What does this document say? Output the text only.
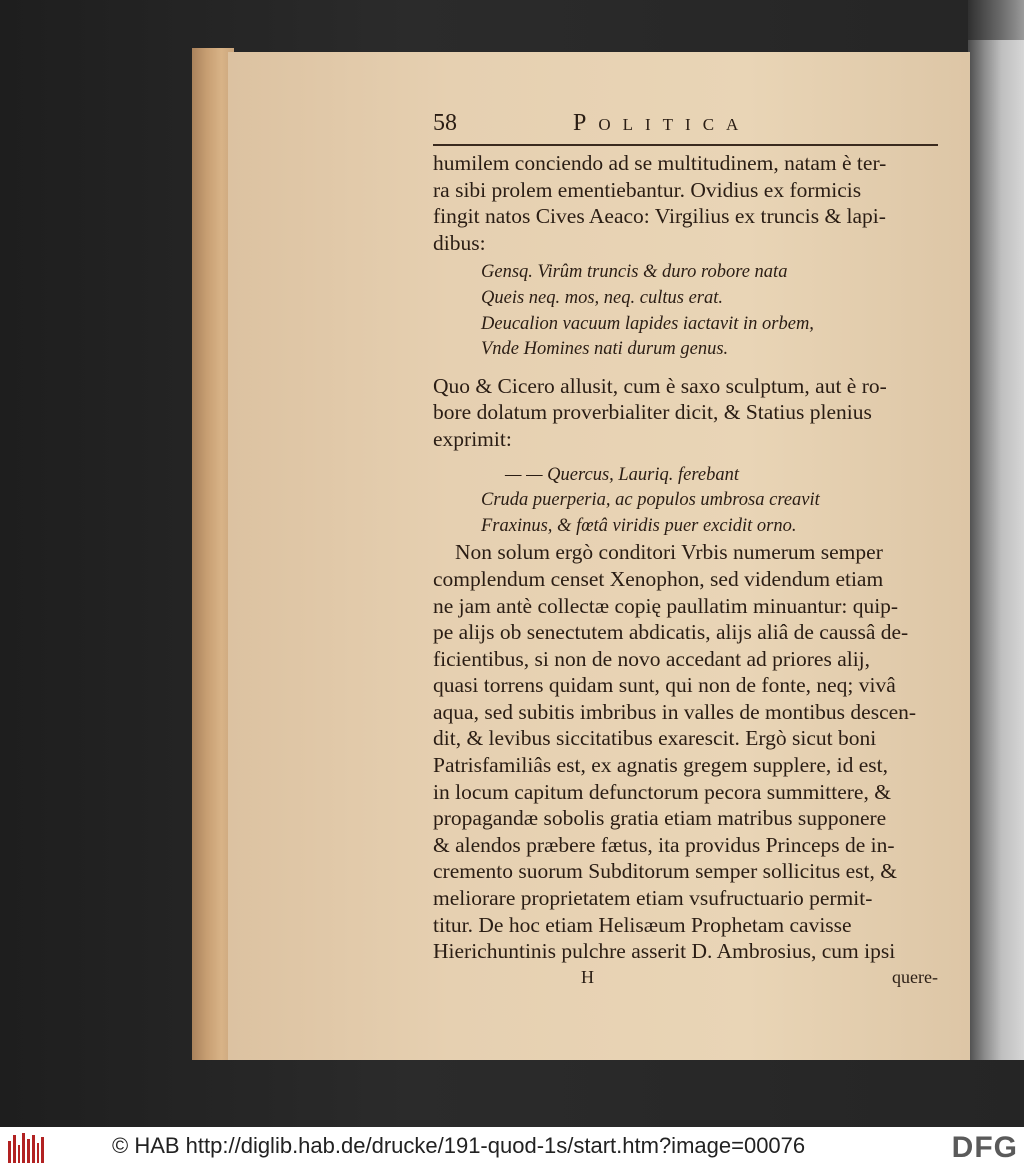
58	Politica
humilem conciendo ad se multitudinem, natam è ter-
ra sibi prolem ementiebantur. Ovidius ex formicis
fingit natos Cives Aeaco: Virgilius ex truncis & lapi-
dibus:
Gensq. Virûm truncis & duro robore nata
Queis neq. mos, neq. cultus erat.
Deucalion vacuum lapides iactavit in orbem,
Vnde Homines nati durum genus.
Quo & Cicero allusit, cum è saxo sculptum, aut è ro-
bore dolatum proverbialiter dicit, & Statius plenius
exprimit:
— — Quercus, Lauriq. ferebant
Cruda puerperia, ac populos umbrosa creavit
Fraxinus, & fœtâ viridis puer excidit orno.
Non solum ergò conditori Vrbis numerum semper
complendum censet Xenophon, sed videndum etiam
ne jam antè collectæ copię paullatim minuantur: quip-
pe alijs ob senectutem abdicatis, alijs aliâ de caussâ de-
ficientibus, si non de novo accedant ad priores alij,
quasi torrens quidam sunt, qui non de fonte, neq; vivâ
aqua, sed subitis imbribus in valles de montibus descen-
dit, & levibus siccitatibus exarescit. Ergò sicut boni
Patrisfamiliâs est, ex agnatis gregem supplere, id est,
in locum capitum defunctorum pecora summittere, &
propagandæ sobolis gratia etiam matribus supponere
& alendos præbere fætus, ita providus Princeps de in-
cremento suorum Subditorum semper sollicitus est, &
meliorare proprietatem etiam vsufructuario permit-
titur. De hoc etiam Helisæum Prophetam cavisse
Hierichuntinis pulchre asserit D. Ambrosius, cum ipsi
H	quere-
© HAB http://diglib.hab.de/drucke/191-quod-1s/start.htm?image=00076	DFG
